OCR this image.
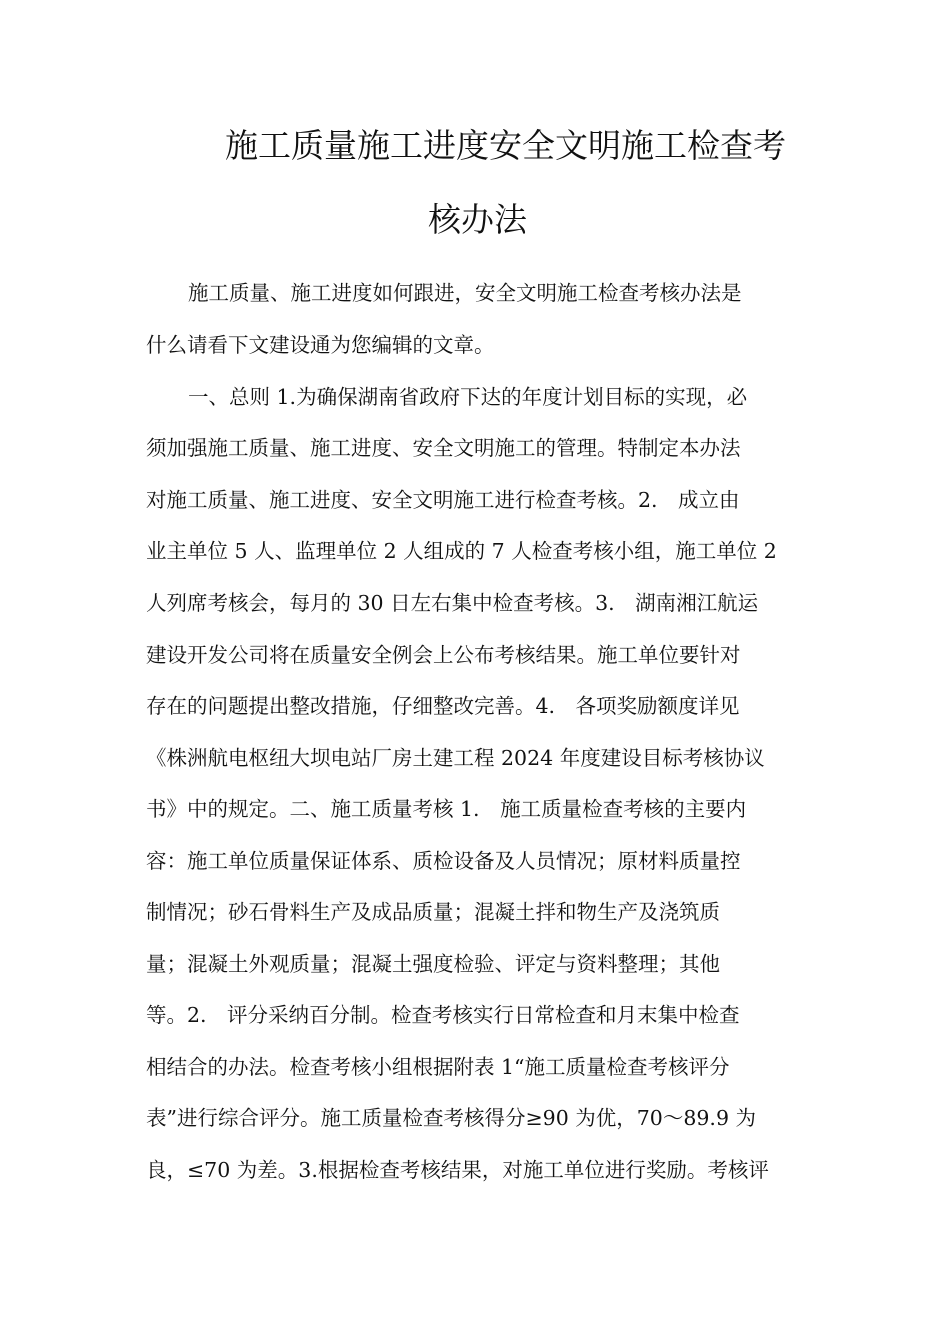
施工质量施工进度安全文明施工检查考
核办法
施工质量、施工进度如何跟进，安全文明施工检查考核办法是
什么请看下文建设通为您编辑的文章。
一、总则 1.为确保湖南省政府下达的年度计划目标的实现，必
须加强施工质量、施工进度、安全文明施工的管理。特制定本办法
对施工质量、施工进度、安全文明施工进行检查考核。2.　成立由
业主单位 5 人、监理单位 2 人组成的 7 人检查考核小组，施工单位 2
人列席考核会，每月的 30 日左右集中检查考核。3.　湖南湘江航运
建设开发公司将在质量安全例会上公布考核结果。施工单位要针对
存在的问题提出整改措施，仔细整改完善。4.　各项奖励额度详见
《株洲航电枢纽大坝电站厂房土建工程 2024 年度建设目标考核协议
书》中的规定。二、施工质量考核 1.　施工质量检查考核的主要内
容：施工单位质量保证体系、质检设备及人员情况；原材料质量控
制情况；砂石骨料生产及成品质量；混凝土拌和物生产及浇筑质
量；混凝土外观质量；混凝土强度检验、评定与资料整理；其他
等。2.　评分采纳百分制。检查考核实行日常检查和月末集中检查
相结合的办法。检查考核小组根据附表 1“施工质量检查考核评分
表”进行综合评分。施工质量检查考核得分≥90 为优，70～89.9 为
良，≤70 为差。3.根据检查考核结果，对施工单位进行奖励。考核评
